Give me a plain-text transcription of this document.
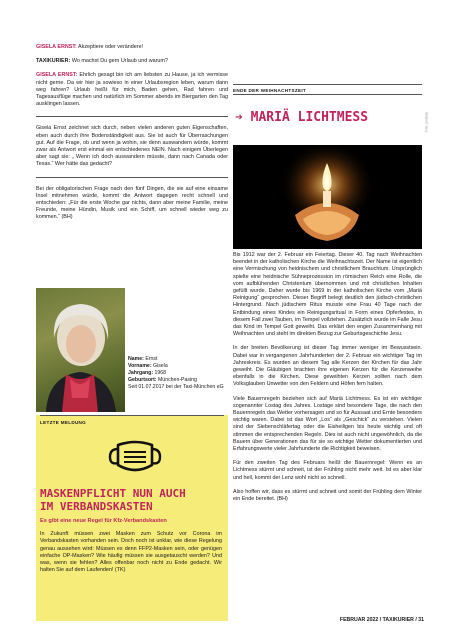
GISELA ERNST: Akzeptiere oder verändere!

TAXIKURIER: Wo machst Du gern Urlaub und warum?

GISELA ERNST: Ehrlich gesagt bin ich am liebsten zu Hause, ja ich vermisse nicht gerne. Da wir hier ja sowieso in einer Urlaubsregion leben, warum dann weg fahren? Urlaub heißt für mich, Baden gehen, Rad fahren und Tagesausflüge machen und natürlich im Sommer abends im Biergarten den Tag ausklingen lassen.

Gisela Ernst zeichnet sich durch, neben vielen anderen guten Eigenschaften, eben auch durch ihre Bodenständigkeit aus. Sie ist auch für Überraschungen gut. Auf die Frage, ob und wenn ja wohin, sie denn auswandern würde, kommt zwar als Antwort erst einmal ein entschiedenes NEIN. Nach einigem Überlegen aber sagt sie: „ Wenn ich doch auswandern müsste, dann nach Canada oder Texas.“ Wer hätte das gedacht?

Bei der obligatorischen Frage nach den fünf Dingen, die sie auf eine einsame Insel mitnehmen würde, kommt die Antwort dagegen recht schnell und entschieden: „Für die erste Woche gar nichts, dann aber meine Familie, meine Freunde, meine Hündin, Musik und ein Schiff, um schnell wieder weg zu kommen.“ (BH)

Name: Ernst
Vorname: Gisela
Jahrgang: 1968
Geburtsort: München-Pasing
Seit 01.07.2017 bei der Taxi-München eG
LETZTE MELDUNG
MASKENPFLICHT NUN AUCH
IM VERBANDSKASTEN
Es gibt eine neue Regel für Kfz-Verbandskasten
In Zukunft müssen zwei Masken zum Schutz vor Corona im Verbandskasten vorhanden sein. Doch noch ist unklar, wie diese Regelung genau aussehen wird: Müssen es denn FFP2-Masken sein, oder genügen einfache OP-Masken? Wie häufig müssen sie ausgetauscht werden? Und was, wenn sie fehlen? Alles offenbar noch nicht zu Ende gedacht. Wir halten Sie auf dem Laufenden! (TK)
ENDE DER WEIHNACHTSZEIT
➔ MARIÄ LICHTMESS	Foto: pixabay

Bis 1912 war der 2. Februar ein Feiertag. Dieser 40. Tag nach Weihnachten beendet in der katholischen Kirche die Weihnachtszeit. Der Name ist eigentlich eine Vermischung von heidnischem und christlichem Brauchtum. Ursprünglich spielte eine heidnische Sühneprozession im römischen Reich eine Rolle, die vom aufblühenden Christentum übernommen und mit christlichen Inhalten gefüllt wurde. Daher wurde bis 1969 in der katholischen Kirche vom „Mariä Reinigung“ gesprochen. Dieser Begriff belegt deutlich den jüdisch-christlichen Hintergrund. Nach jüdischem Ritus musste eine Frau 40 Tage nach der Entbindung eines Kindes ein Reinigungsritual in Form eines Opferfestes, in diesem Fall zwei Tauben, im Tempel vollziehen. Zusätzlich wurde im Falle Jesu das Kind im Tempel Gott geweiht. Das erklärt den engen Zusammenhang mit Weihnachten und steht im direkten Bezug zur Geburtsgeschichte Jesu.

In der breiten Bevölkerung ist dieser Tag immer weniger im Bewusstsein. Dabei war in vergangenen Jahrhunderten der 2. Februar ein wichtiger Tag im Jahreskreis. Es wurden an diesem Tag alle Kerzen der Kirchen für das Jahr geweiht. Die Gläubigen brachten ihre eigenen Kerzen für die Kerzenweihe ebenfalls in die Kirchen. Diese geweihten Kerzen sollten nach dem Volksglauben Unwetter von den Feldern und Höfen fern halten.

Viele Bauernregeln beziehen sich auf Mariä Lichtmess. Es ist ein wichtiger sogenannter Lostag des Jahres. Lostage sind besondere Tage, die nach den Bauernregeln das Wetter vorhersagen und so für Aussaat und Ernte besonders wichtig waren. Dabei ist das Wort „Los“ als „Geschick“ zu verstehen. Vielen sind der Siebenschläfertag oder die Eisheiligen bis heute wichtig und oft stimmen die entsprechenden Regeln. Dies ist auch nicht ungewöhnlich, da die Bauern über Generationen das für sie so wichtige Wetter dokumentierten und Erfahrungswerte vieler Jahrhunderte die Richtigkeit beweisen.

Für den zweiten Tag des Februars heißt die Bauernregel: Wenn es an Lichtmess stürmt und schneit, ist der Frühling nicht mehr weit. Ist es aber klar und hell, kommt der Lenz wohl nicht so schnell.

Also hoffen wir, dass es stürmt und schneit und somit der Frühling dem Winter ein Ende bereitet. (BH)

FEBRUAR 2022 / TAXIKURIER / 31
